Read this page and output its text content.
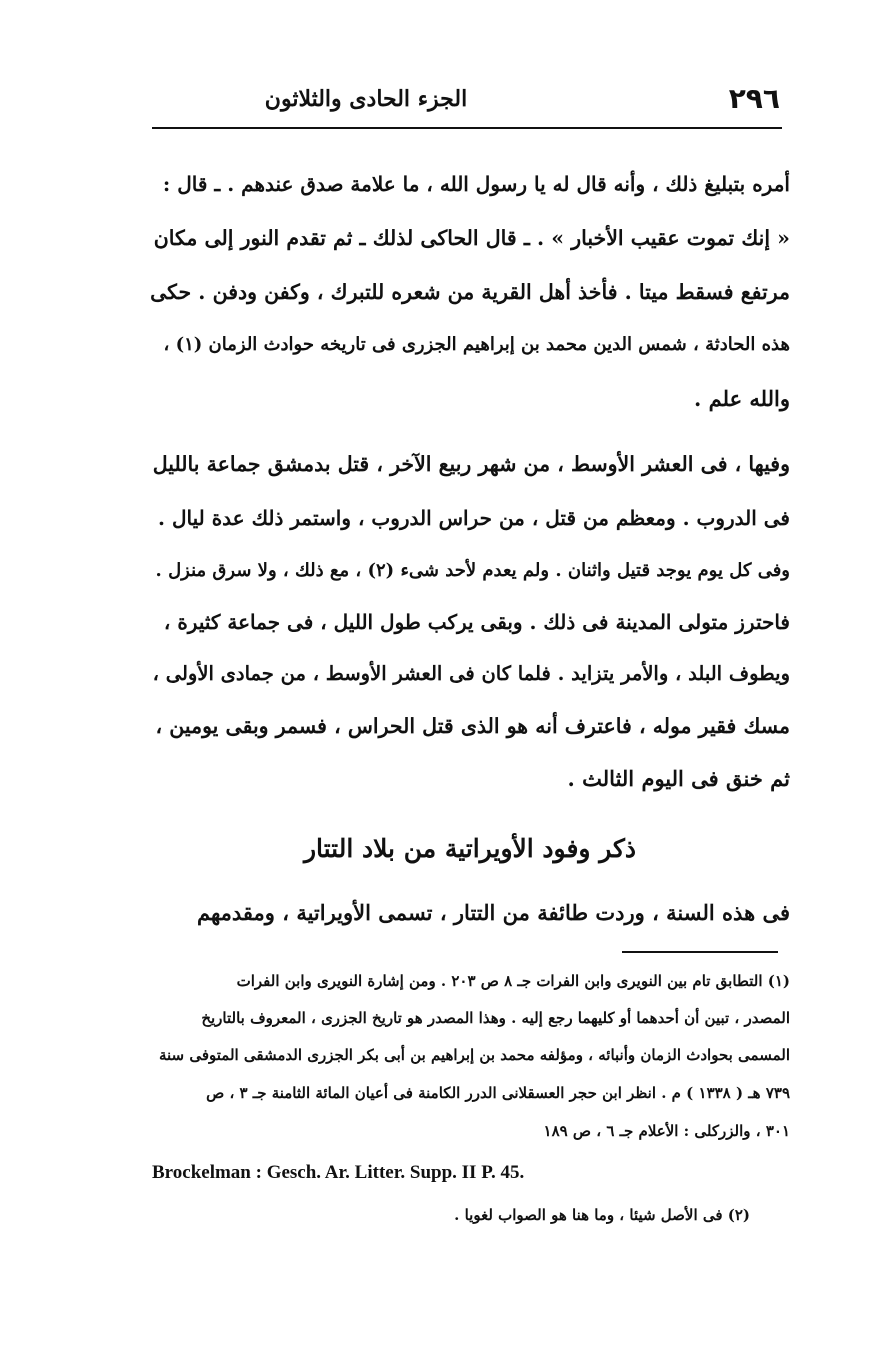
٢٩٦
الجزء الحادى والثلاثون
أمره بتبليغ ذلك ، وأنه قال له يا رسول الله ، ما علامة صدق عندهم . ـ قال :
« إنك تموت عقيب الأخبار » . ـ قال الحاكى لذلك ـ ثم تقدم النور إلى مكان
مرتفع فسقط ميتا . فأخذ أهل القرية من شعره للتبرك ، وكفن ودفن . حكى
هذه الحادثة ، شمس الدين محمد بن إبراهيم الجزرى فى تاريخه حوادث الزمان (١) ،
والله علم .
وفيها ، فى العشر الأوسط ، من شهر ربيع الآخر ، قتل بدمشق جماعة بالليل
فى الدروب . ومعظم من قتل ، من حراس الدروب ، واستمر ذلك عدة ليال .
وفى كل يوم يوجد قتيل واثنان . ولم يعدم لأحد شىء (٢) ، مع ذلك ، ولا سرق منزل .
فاحترز متولى المدينة فى ذلك . وبقى يركب طول الليل ، فى جماعة كثيرة ،
ويطوف البلد ، والأمر يتزايد . فلما كان فى العشر الأوسط ، من جمادى الأولى ،
مسك فقير موله ، فاعترف أنه هو الذى قتل الحراس ، فسمر وبقى يومين ،
ثم خنق فى اليوم الثالث .
ذكر وفود الأويراتية من بلاد التتار
فى هذه السنة ، وردت طائفة من التتار ، تسمى الأويراتية ، ومقدمهم
(١) التطابق تام بين النويرى وابن الفرات جـ ٨ ص ٢٠٣ . ومن إشارة النويرى وابن الفرات
المصدر ، تبين أن أحدهما أو كليهما رجع إليه . وهذا المصدر هو تاريخ الجزرى ، المعروف بالتاريخ
المسمى بحوادث الزمان وأنبائه ، ومؤلفه محمد بن إبراهيم بن أبى بكر الجزرى الدمشقى المتوفى سنة
٧٣٩ هـ ( ١٣٣٨ ) م . انظر ابن حجر العسقلانى الدرر الكامنة فى أعيان المائة الثامنة جـ ٣ ، ص
٣٠١ ، والزركلى : الأعلام جـ ٦ ، ص ١٨٩
Brockelman : Gesch. Ar. Litter. Supp. II P. 45.
(٢) فى الأصل شيئا ، وما هنا هو الصواب لغويا .
